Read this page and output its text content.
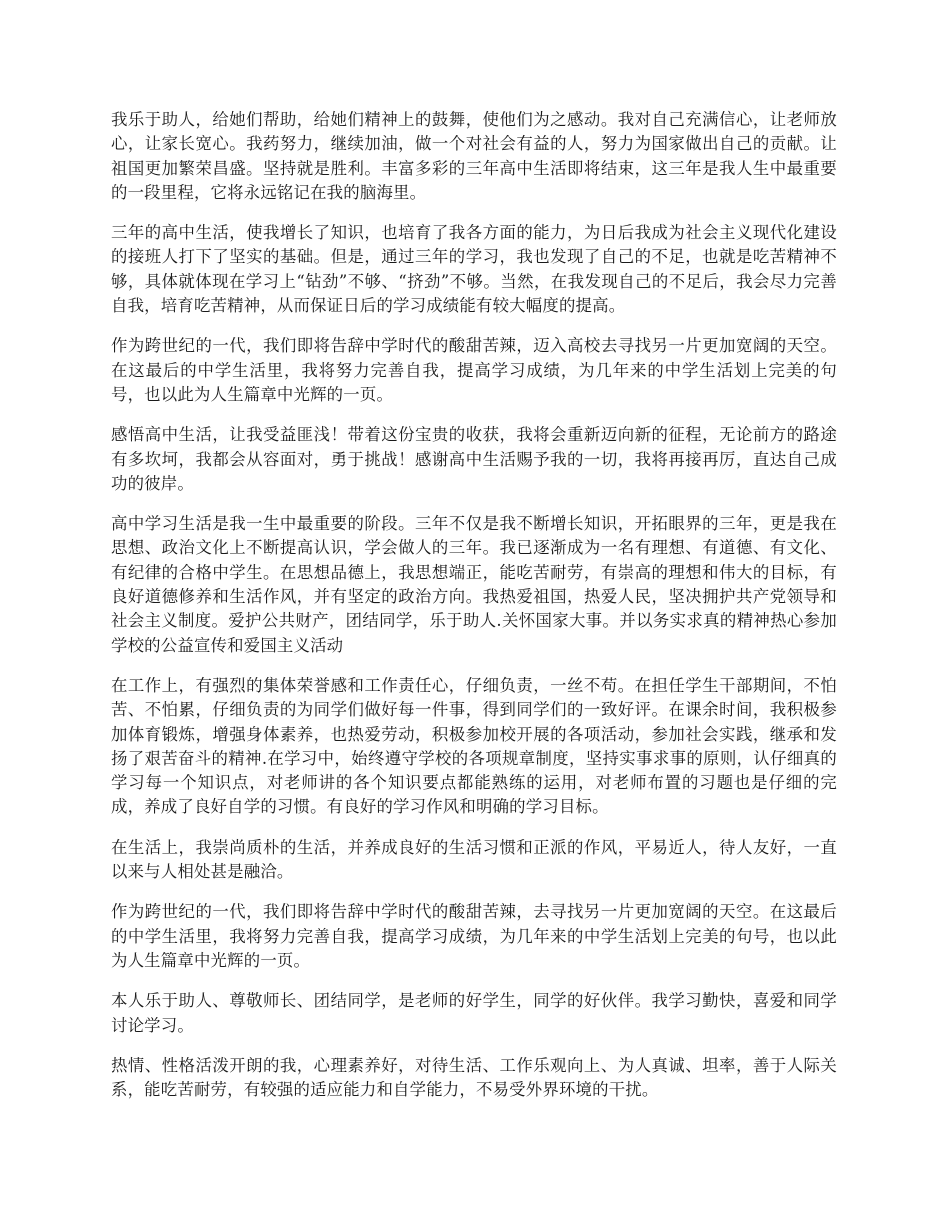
我乐于助人，给她们帮助，给她们精神上的鼓舞，使他们为之感动。我对自己充满信心，让老师放心，让家长宽心。我药努力，继续加油，做一个对社会有益的人，努力为国家做出自己的贡献。让祖国更加繁荣昌盛。坚持就是胜利。丰富多彩的三年高中生活即将结束，这三年是我人生中最重要的一段里程，它将永远铭记在我的脑海里。

三年的高中生活，使我增长了知识，也培育了我各方面的能力，为日后我成为社会主义现代化建设的接班人打下了坚实的基础。但是，通过三年的学习，我也发现了自己的不足，也就是吃苦精神不够，具体就体现在学习上“钻劲”不够、“挤劲”不够。当然，在我发现自己的不足后，我会尽力完善自我，培育吃苦精神，从而保证日后的学习成绩能有较大幅度的提高。

作为跨世纪的一代，我们即将告辞中学时代的酸甜苦辣，迈入高校去寻找另一片更加宽阔的天空。在这最后的中学生活里，我将努力完善自我，提高学习成绩，为几年来的中学生活划上完美的句号，也以此为人生篇章中光辉的一页。

感悟高中生活，让我受益匪浅！带着这份宝贵的收获，我将会重新迈向新的征程，无论前方的路途有多坎坷，我都会从容面对，勇于挑战！感谢高中生活赐予我的一切，我将再接再厉，直达自己成功的彼岸。

高中学习生活是我一生中最重要的阶段。三年不仅是我不断增长知识，开拓眼界的三年，更是我在思想、政治文化上不断提高认识，学会做人的三年。我已逐渐成为一名有理想、有道德、有文化、有纪律的合格中学生。在思想品德上，我思想端正，能吃苦耐劳，有崇高的理想和伟大的目标，有良好道德修养和生活作风，并有坚定的政治方向。我热爱祖国，热爱人民，坚决拥护共产党领导和社会主义制度。爱护公共财产，团结同学，乐于助人.关怀国家大事。并以务实求真的精神热心参加学校的公益宣传和爱国主义活动

在工作上，有强烈的集体荣誉感和工作责任心，仔细负责，一丝不苟。在担任学生干部期间，不怕苦、不怕累，仔细负责的为同学们做好每一件事，得到同学们的一致好评。在课余时间，我积极参加体育锻炼，增强身体素养，也热爱劳动，积极参加校开展的各项活动，参加社会实践，继承和发扬了艰苦奋斗的精神.在学习中，始终遵守学校的各项规章制度，坚持实事求事的原则，认仔细真的学习每一个知识点，对老师讲的各个知识要点都能熟练的运用，对老师布置的习题也是仔细的完成，养成了良好自学的习惯。有良好的学习作风和明确的学习目标。

在生活上，我崇尚质朴的生活，并养成良好的生活习惯和正派的作风，平易近人，待人友好，一直以来与人相处甚是融洽。

作为跨世纪的一代，我们即将告辞中学时代的酸甜苦辣，去寻找另一片更加宽阔的天空。在这最后的中学生活里，我将努力完善自我，提高学习成绩，为几年来的中学生活划上完美的句号，也以此为人生篇章中光辉的一页。

本人乐于助人、尊敬师长、团结同学，是老师的好学生，同学的好伙伴。我学习勤快，喜爱和同学讨论学习。

热情、性格活泼开朗的我，心理素养好，对待生活、工作乐观向上、为人真诚、坦率，善于人际关系，能吃苦耐劳，有较强的适应能力和自学能力，不易受外界环境的干扰。
